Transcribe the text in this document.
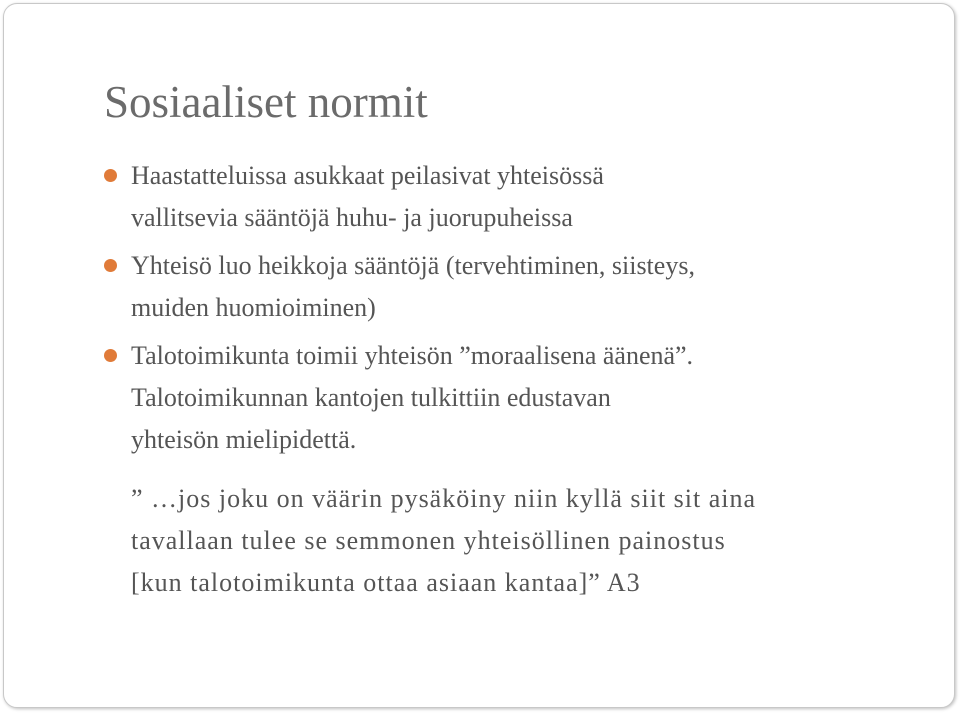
Sosiaaliset normit
Haastatteluissa asukkaat peilasivat yhteisössä
vallitsevia sääntöjä huhu- ja juorupuheissa
Yhteisö luo heikkoja sääntöjä (tervehtiminen, siisteys,
muiden huomioiminen)
Talotoimikunta toimii yhteisön ”moraalisena äänenä”.
Talotoimikunnan kantojen tulkittiin edustavan
yhteisön mielipidettä.

” …jos joku on väärin pysäköiny niin kyllä siit sit aina
tavallaan tulee se semmonen yhteisöllinen painostus
[kun talotoimikunta ottaa asiaan kantaa]” A3
